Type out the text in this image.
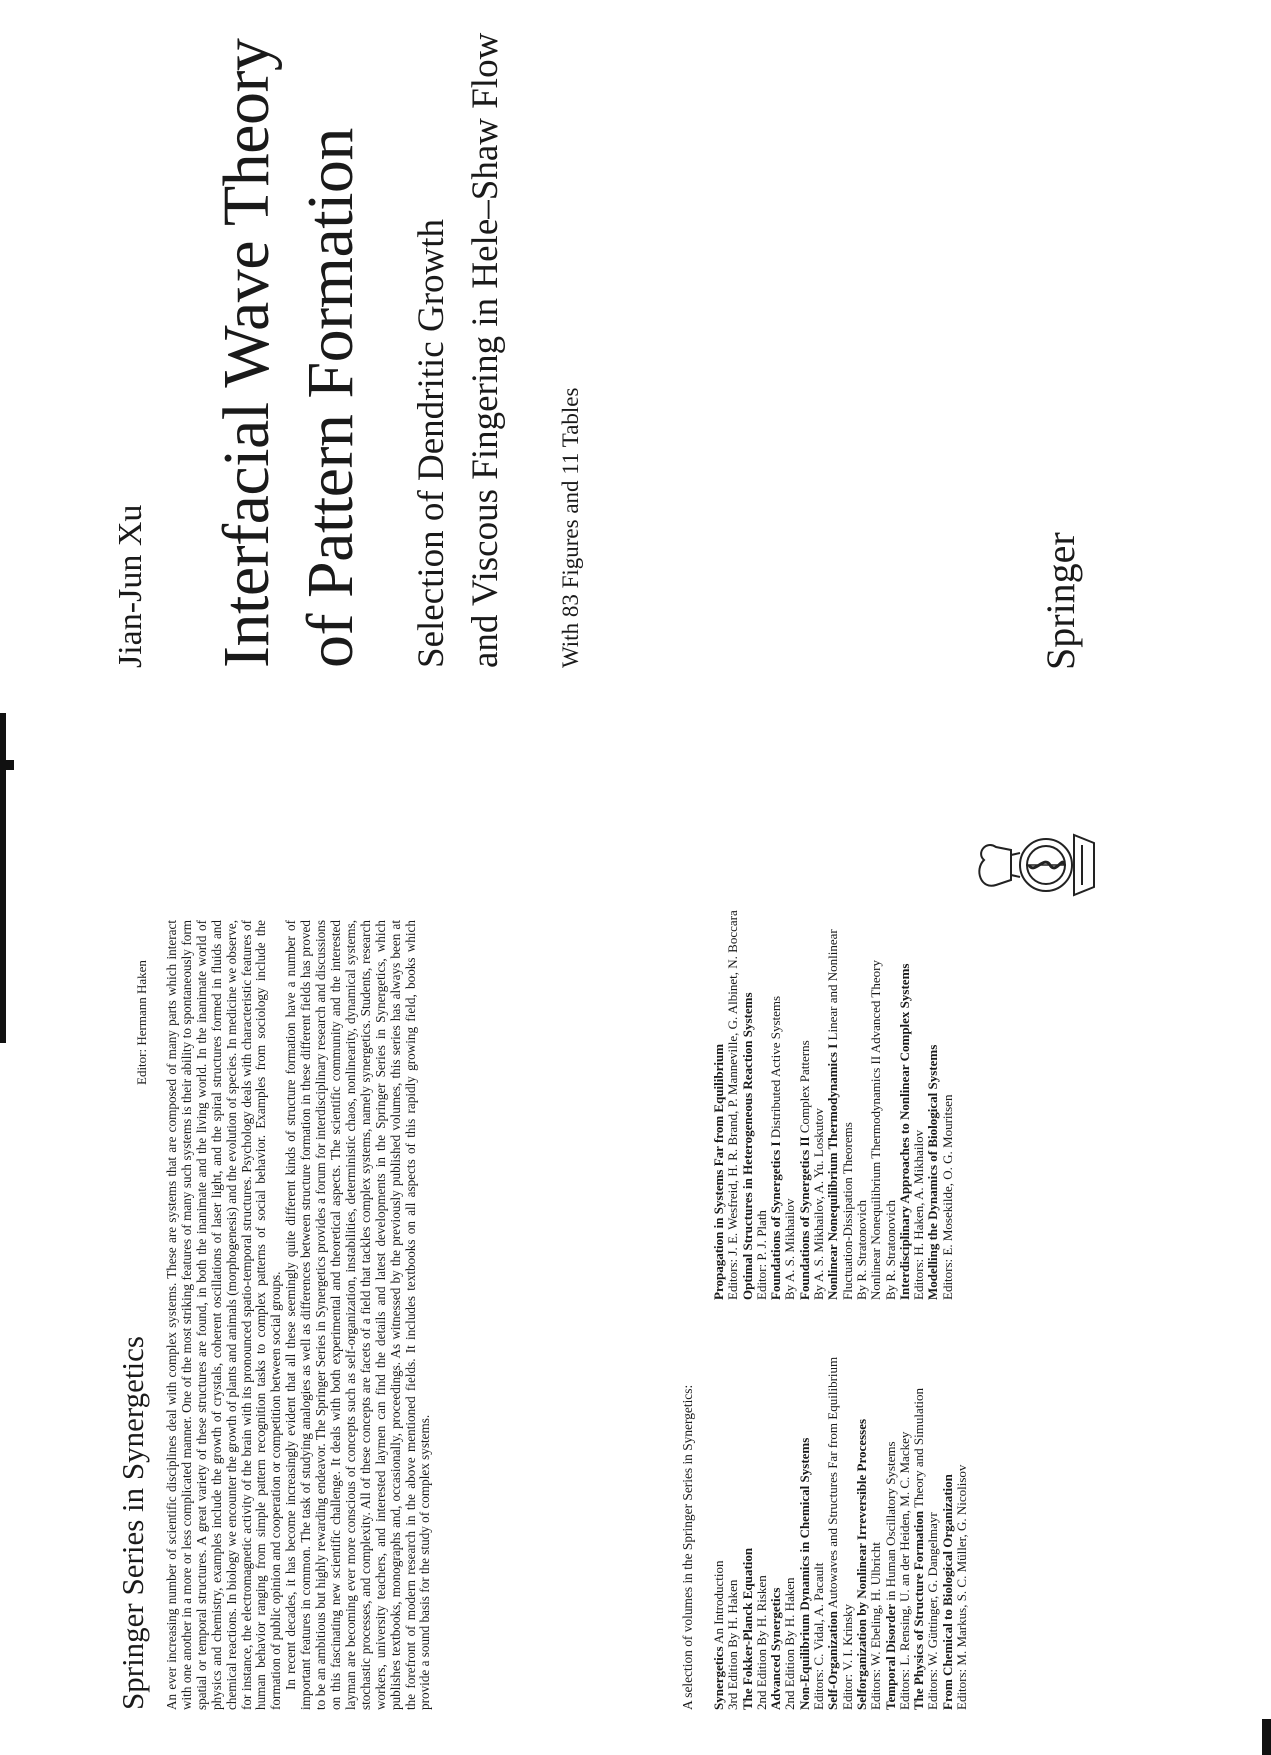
Springer Series in Synergetics
Editor: Hermann Haken An ever increasing number of scientific disciplines deal with complex systems. These are systems that are composed of many parts which interact with one another in a more or less complicated manner. One of the most striking features of many such systems is their ability to spontaneously form spatial or temporal structures. A great variety of these structures are found, in both the inanimate and the living world. In the inanimate world of physics and chemistry, examples include the growth of crystals, coherent oscillations of laser light, and the spiral structures formed in fluids and chemical reactions. In biology we encounter the growth of plants and animals (morphogenesis) and the evolution of species. In medicine we observe, for instance, the electromagnetic activity of the brain with its pronounced spatio-temporal structures. Psychology deals with characteristic features of human behavior ranging from simple pattern recognition tasks to complex patterns of social behavior. Examples from sociology include the formation of public opinion and cooperation or competition between social groups. In recent decades, it has become increasingly evident that all these seemingly quite different kinds of structure formation have a number of important features in common. The task of studying analogies as well as differences between structure formation in these different fields has proved to be an ambitious but highly rewarding endeavor. The Springer Series in Synergetics provides a forum for interdisciplinary research and discussions on this fascinating new scientific challenge. It deals with both experimental and theoretical aspects. The scientific community and the interested layman are becoming ever more conscious of concepts such as self-organization, instabilities, deterministic chaos, nonlinearity, dynamical systems, stochastic processes, and complexity. All of these concepts are facets of a field that tackles complex systems, namely synergetics. Students, research workers, university teachers, and interested laymen can find the details and latest developments in the Springer Series in Synergetics, which publishes textbooks, monographs and, occasionally, proceedings. As witnessed by the previously published volumes, this series has always been at the forefront of modern research in the above mentioned fields. It includes textbooks on all aspects of this rapidly growing field, books which provide a sound basis for the study of complex systems.	A selection of volumes in the Springer Series in Synergetics: Synergetics An Introduction 3rd Edition By H. Haken The Fokker-Planck Equation 2nd Edition By H. Risken Advanced Synergetics 2nd Edition By H. Haken Non-Equilibrium Dynamics in Chemical Systems Editors: C. Vidal, A. Pacault Self-Organization Autowaves and Structures Far from Equilibrium
Editor: V. I. Krinsky Selforganization by Nonlinear Irreversible Processes Editors: W. Ebeling, H. Ulbricht Temporal Disorder in Human Oscillatory Systems Editors: L. Rensing, U. an der Heiden, M. C. Mackey The Physics of Structure Formation Theory and Simulation
Editors: W. Güttinger, G. Dangelmayr From Chemical to Biological Organization Editors: M. Markus, S. C. Müller, G. Nicolisov
Propagation in Systems Far from Equilibrium Editors: J. E. Wesfreid, H. R. Brand, P. Manneville, G. Albinet, N. Boccara Optimal Structures in Heterogeneous Reaction Systems Editor: P. J. Plath Foundations of Synergetics I Distributed Active Systems
By A. S. Mikhailov Foundations of Synergetics II Complex Patterns
By A. S. Mikhailov, A. Yu. Loskutov Nonlinear Nonequilibrium Thermodynamics I Linear and Nonlinear Fluctuation-Dissipation Theorems By R. Stratonovich Nonlinear Nonequilibrium Thermodynamics II Advanced Theory By R. Stratonovich Interdisciplinary Approaches to Nonlinear Complex Systems Editors: H. Haken, A. Mikhailov Modelling the Dynamics of Biological Systems Editors: E. Mosekilde, O. G. Mouritsen
Jian-Jun Xu Interfacial Wave Theory of Pattern Formation Selection of Dendritic Growth and Viscous Fingering in Hele–Shaw Flow	With 83 Figures and 11 Tables	Springer
